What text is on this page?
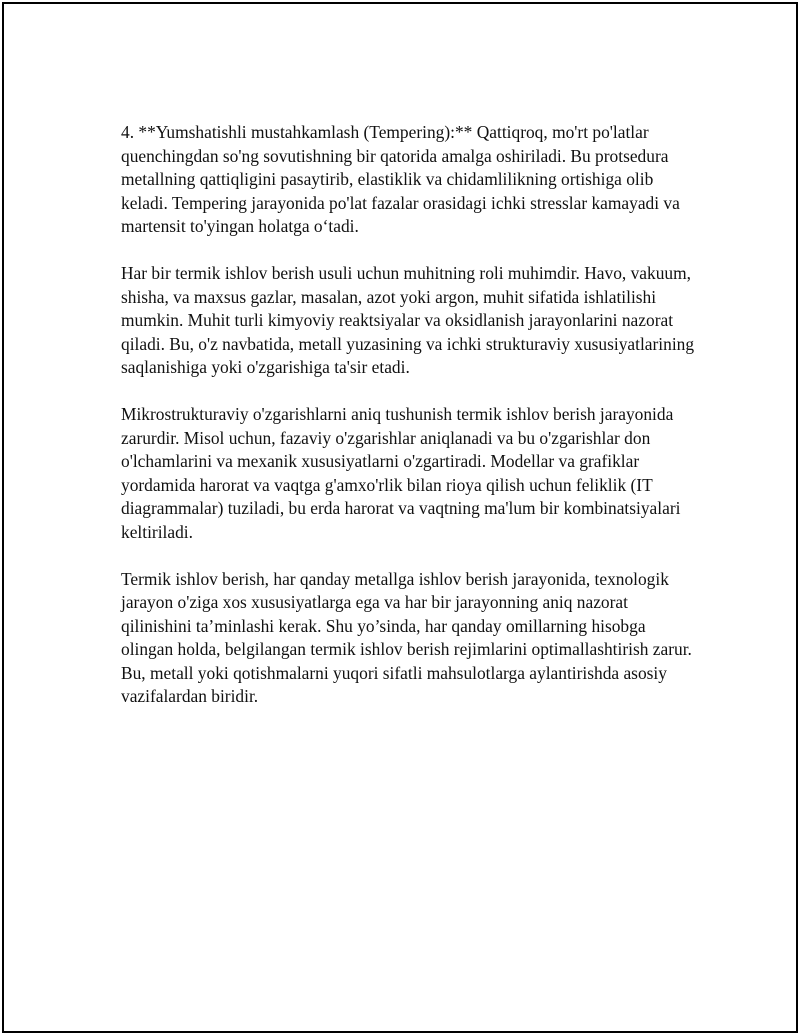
4. **Yumshatishli mustahkamlash (Tempering):** Qattiqroq, mo'rt po'latlar quenchingdan so'ng sovutishning bir qatorida amalga oshiriladi. Bu protsedura metallning qattiqligini pasaytirib, elastiklik va chidamlilikning ortishiga olib keladi. Tempering jarayonida po'lat fazalar orasidagi ichki stresslar kamayadi va martensit to'yingan holatga o‘tadi.

Har bir termik ishlov berish usuli uchun muhitning roli muhimdir. Havo, vakuum, shisha, va maxsus gazlar, masalan, azot yoki argon, muhit sifatida ishlatilishi mumkin. Muhit turli kimyoviy reaktsiyalar va oksidlanish jarayonlarini nazorat qiladi. Bu, o'z navbatida, metall yuzasining va ichki strukturaviy xususiyatlarining saqlanishiga yoki o'zgarishiga ta'sir etadi.

Mikrostrukturaviy o'zgarishlarni aniq tushunish termik ishlov berish jarayonida zarurdir. Misol uchun, fazaviy o'zgarishlar aniqlanadi va bu o'zgarishlar don o'lchamlarini va mexanik xususiyatlarni o'zgartiradi. Modellar va grafiklar yordamida harorat va vaqtga g'amxo'rlik bilan rioya qilish uchun feliklik (IT diagrammalar) tuziladi, bu erda harorat va vaqtning ma'lum bir kombinatsiyalari keltiriladi.

Termik ishlov berish, har qanday metallga ishlov berish jarayonida, texnologik jarayon o'ziga xos xususiyatlarga ega va har bir jarayonning aniq nazorat qilinishini ta’minlashi kerak. Shu yo’sinda, har qanday omillarning hisobga olingan holda, belgilangan termik ishlov berish rejimlarini optimallashtirish zarur. Bu, metall yoki qotishmalarni yuqori sifatli mahsulotlarga aylantirishda asosiy vazifalardan biridir.
